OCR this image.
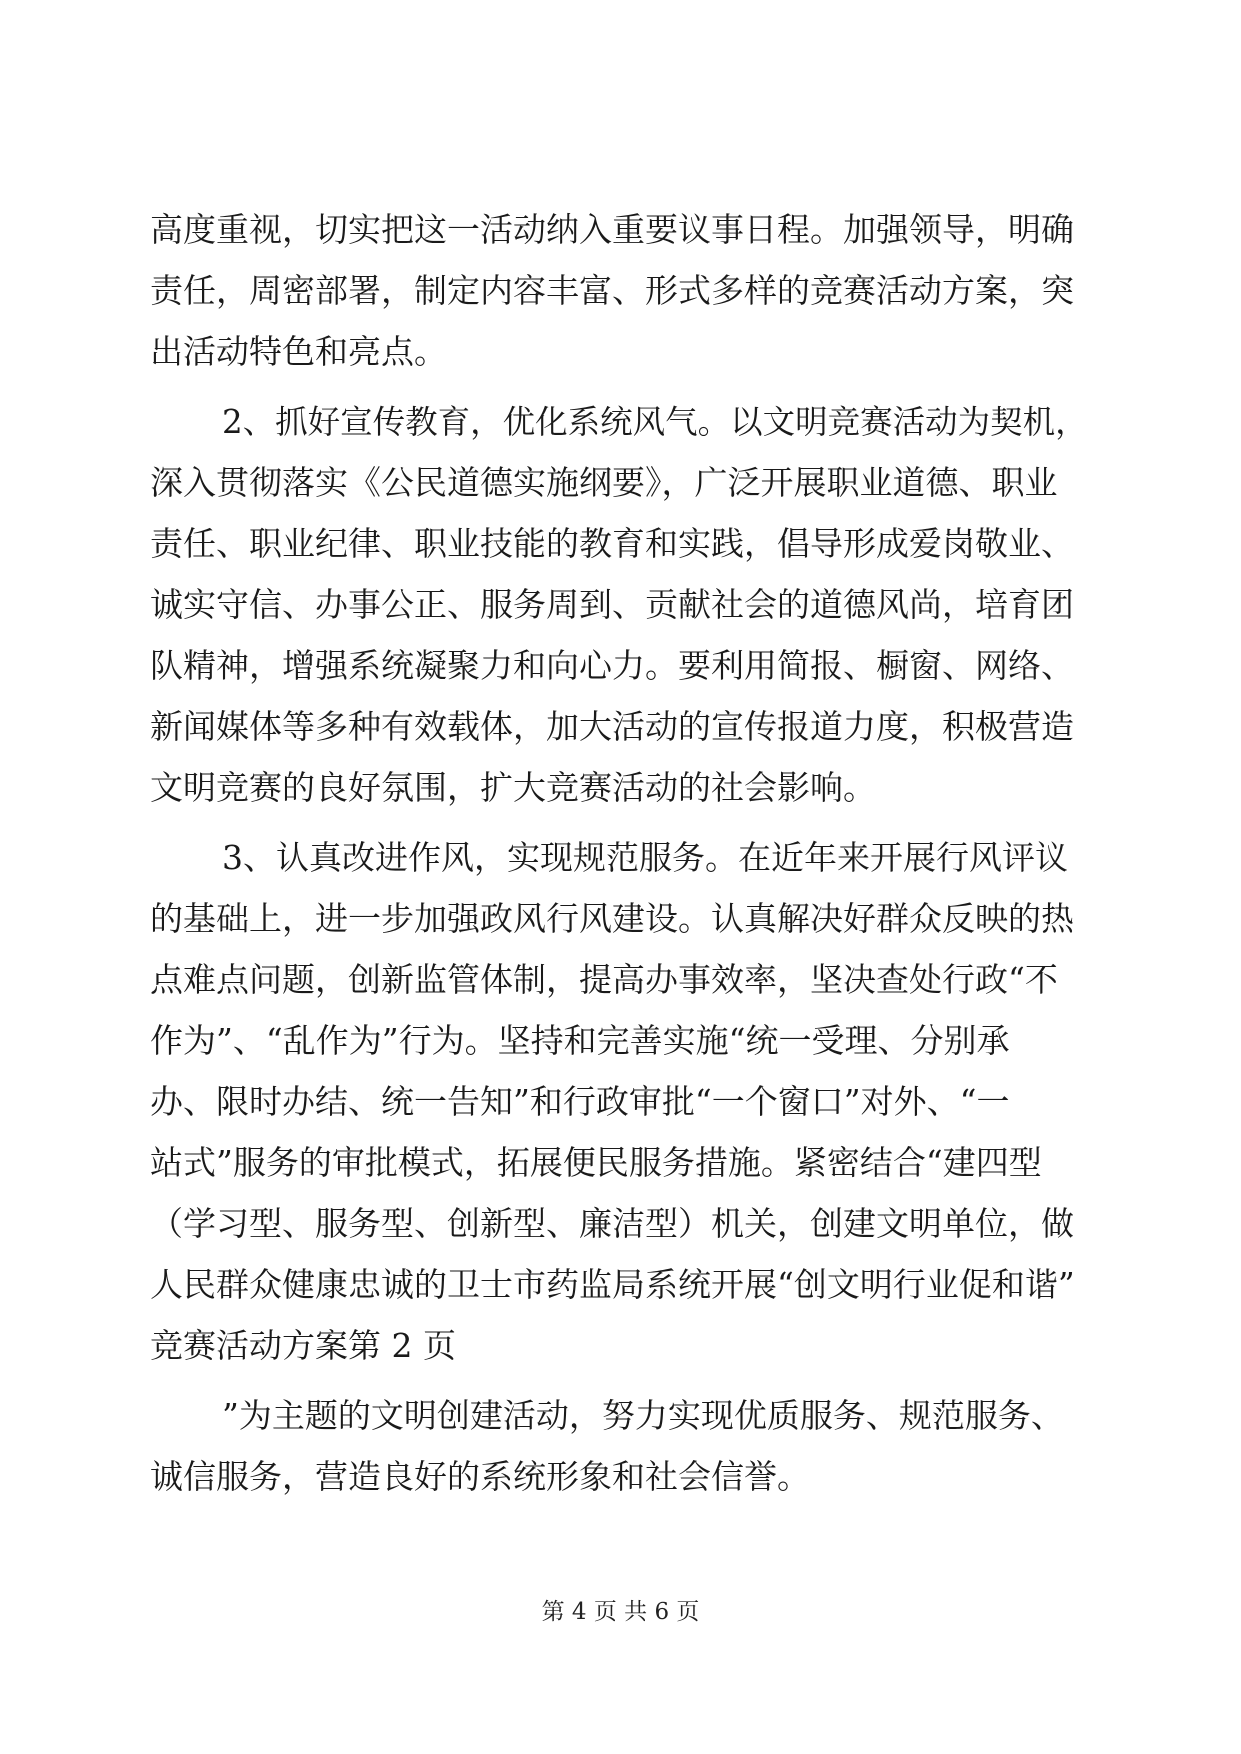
高度重视，切实把这一活动纳入重要议事日程。加强领导，明确
责任，周密部署，制定内容丰富、形式多样的竞赛活动方案，突
出活动特色和亮点。
2、抓好宣传教育，优化系统风气。以文明竞赛活动为契机，
深入贯彻落实《公民道德实施纲要》，广泛开展职业道德、职业
责任、职业纪律、职业技能的教育和实践，倡导形成爱岗敬业、
诚实守信、办事公正、服务周到、贡献社会的道德风尚，培育团
队精神，增强系统凝聚力和向心力。要利用简报、橱窗、网络、
新闻媒体等多种有效载体，加大活动的宣传报道力度，积极营造
文明竞赛的良好氛围，扩大竞赛活动的社会影响。
3、认真改进作风，实现规范服务。在近年来开展行风评议
的基础上，进一步加强政风行风建设。认真解决好群众反映的热
点难点问题，创新监管体制，提高办事效率，坚决查处行政“不
作为”、“乱作为”行为。坚持和完善实施“统一受理、分别承
办、限时办结、统一告知”和行政审批“一个窗口”对外、“一
站式”服务的审批模式，拓展便民服务措施。紧密结合“建四型
（学习型、服务型、创新型、廉洁型）机关，创建文明单位，做
人民群众健康忠诚的卫士市药监局系统开展“创文明行业促和谐”
竞赛活动方案第 2 页
”为主题的文明创建活动，努力实现优质服务、规范服务、
诚信服务，营造良好的系统形象和社会信誉。
第 4 页 共 6 页
